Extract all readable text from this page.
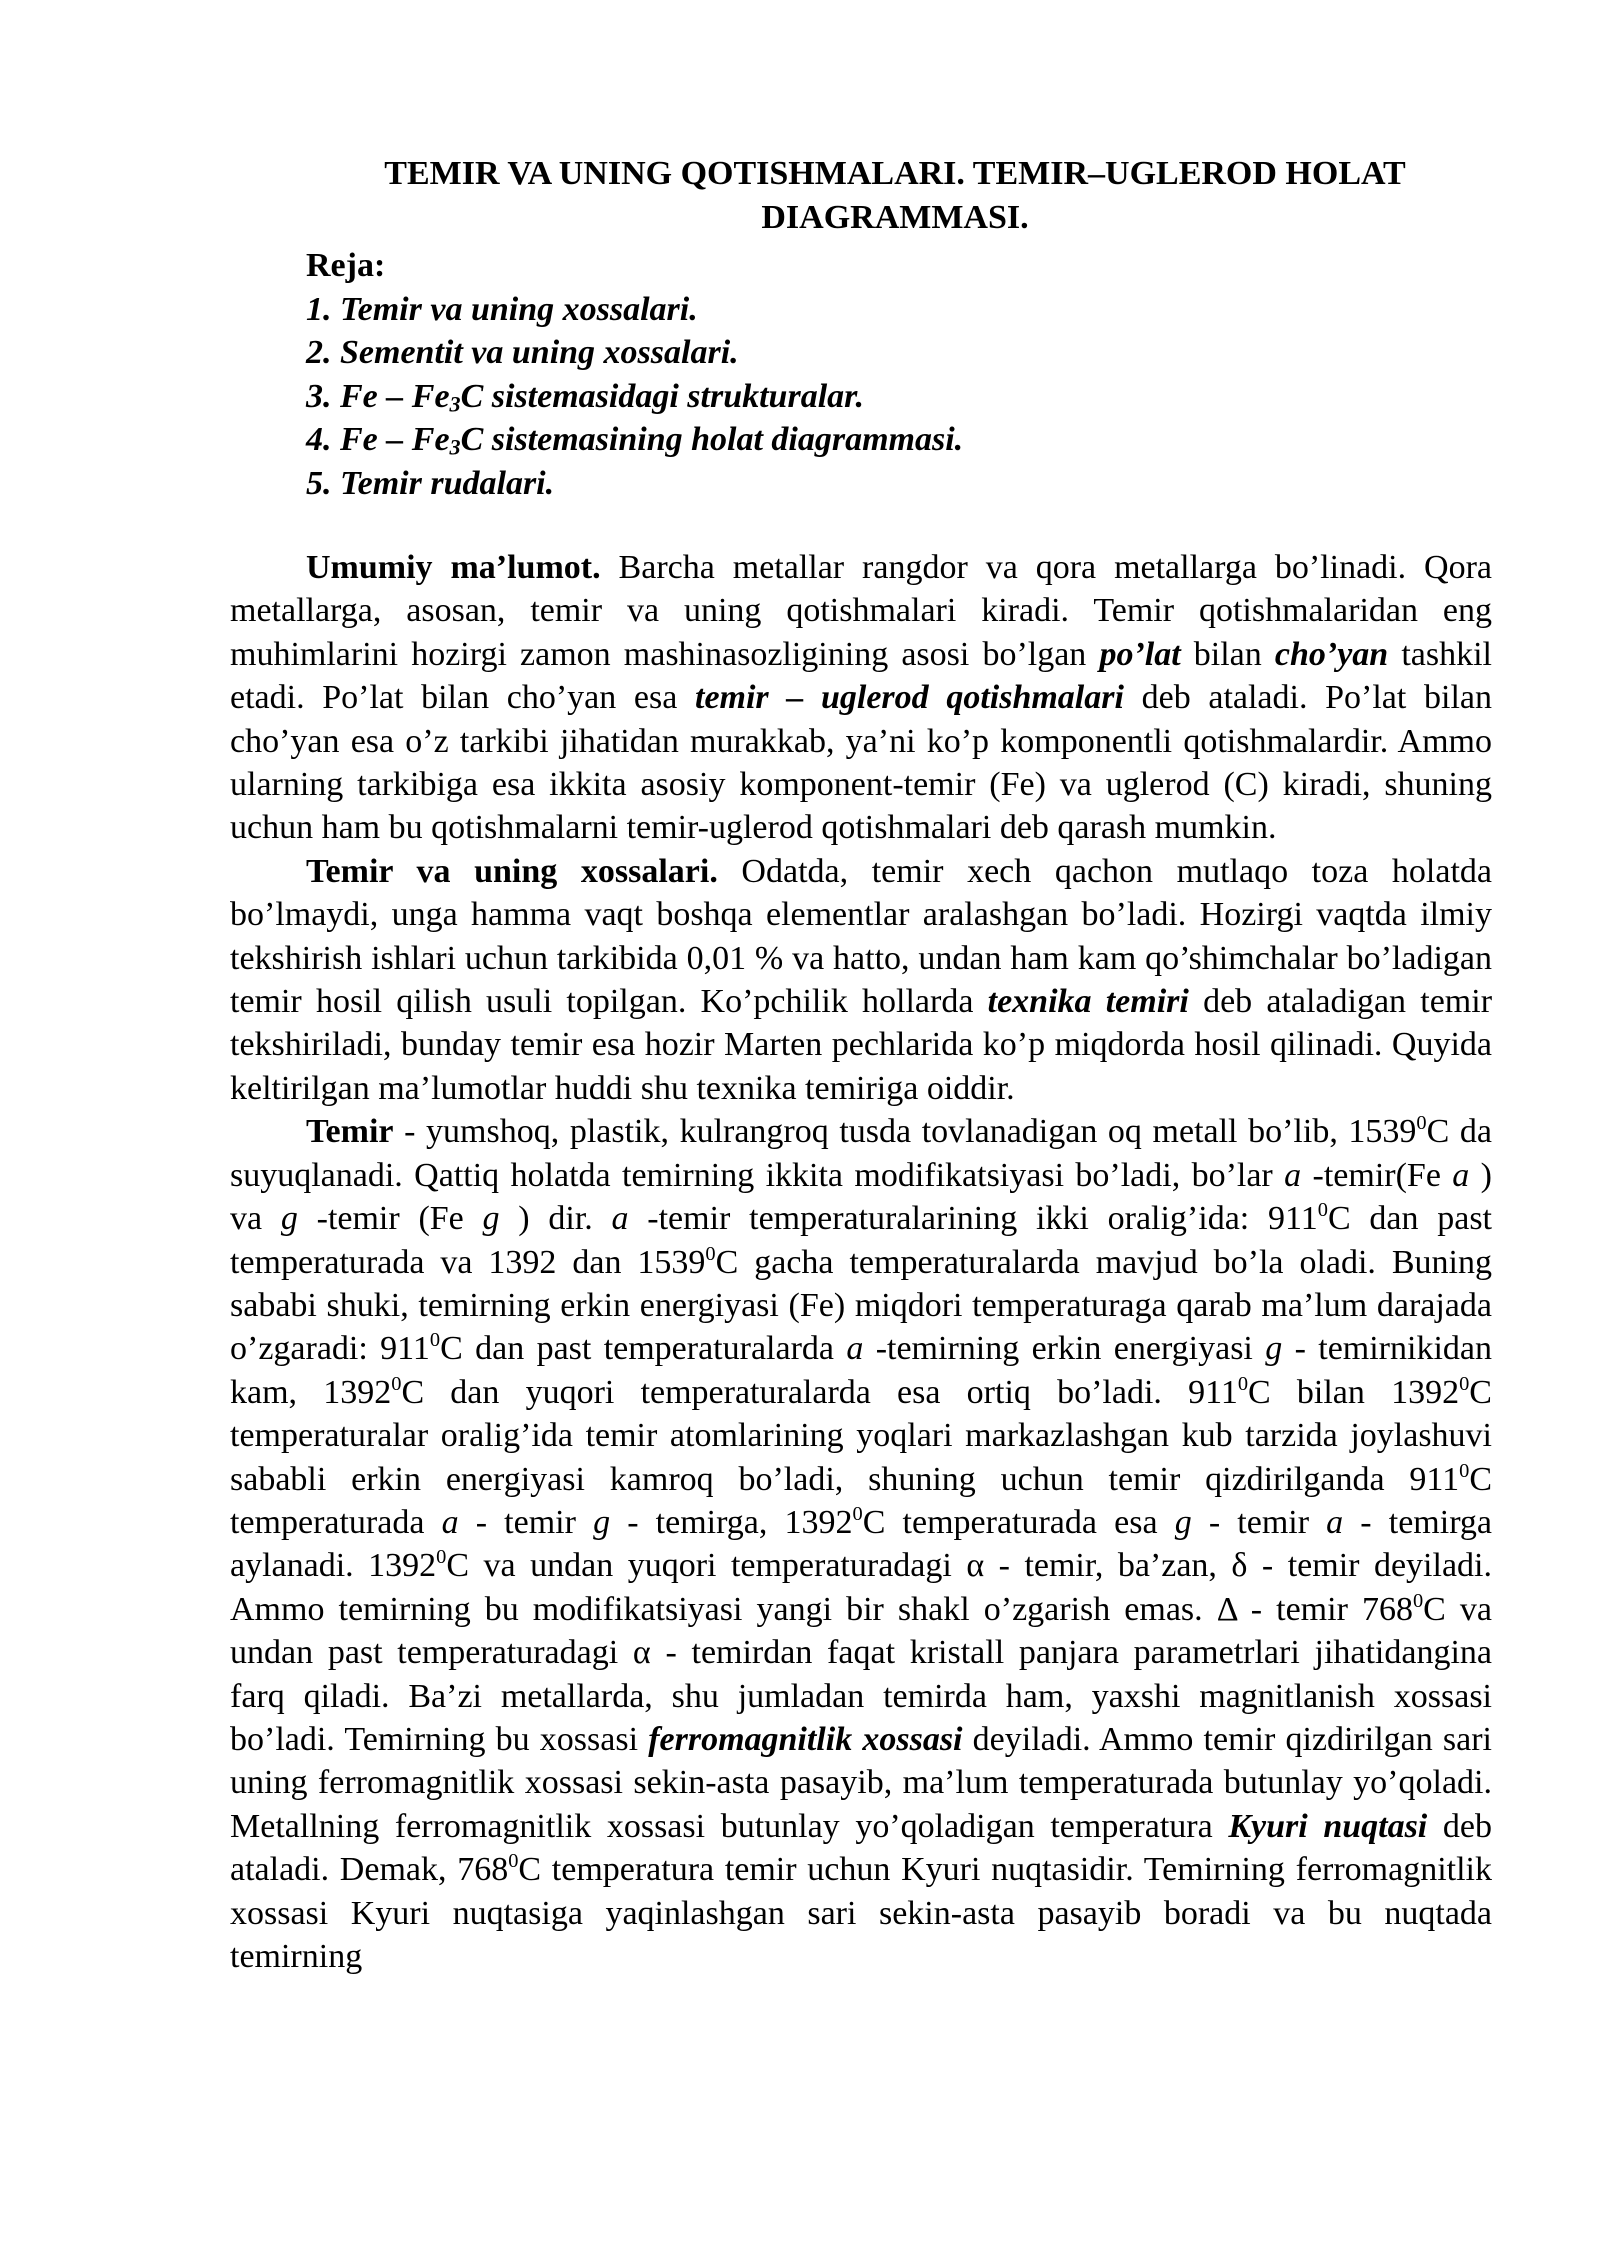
TEMIR VA UNING QOTISHMALARI. TEMIR–UGLEROD HOLAT DIAGRAMMASI.
Reja:
1. Temir va uning xossalari.
2. Sementit va uning xossalari.
3. Fe – Fe3C sistemasidagi strukturalar.
4. Fe – Fe3C sistemasining holat diagrammasi.
5. Temir rudalari.

Umumiy ma’lumot. Barcha metallar rangdor va qora metallarga bo’linadi. Qora metallarga, asosan, temir va uning qotishmalari kiradi. Temir qotishmalaridan eng muhimlarini hozirgi zamon mashinasozligining asosi bo’lgan po’lat bilan cho’yan tashkil etadi. Po’lat bilan cho’yan esa temir – uglerod qotishmalari deb ataladi. Po’lat bilan cho’yan esa o’z tarkibi jihatidan murakkab, ya’ni ko’p komponentli qotishmalardir. Ammo ularning tarkibiga esa ikkita asosiy komponent-temir (Fe) va uglerod (C) kiradi, shuning uchun ham bu qotishmalarni temir-uglerod qotishmalari deb qarash mumkin.

Temir va uning xossalari. Odatda, temir xech qachon mutlaqo toza holatda bo’lmaydi, unga hamma vaqt boshqa elementlar aralashgan bo’ladi. Hozirgi vaqtda ilmiy tekshirish ishlari uchun tarkibida 0,01 % va hatto, undan ham kam qo’shimchalar bo’ladigan temir hosil qilish usuli topilgan. Ko’pchilik hollarda texnika temiri deb ataladigan temir tekshiriladi, bunday temir esa hozir Marten pechlarida ko’p miqdorda hosil qilinadi. Quyida keltirilgan ma’lumotlar huddi shu texnika temiriga oiddir.

Temir - yumshoq, plastik, kulrangroq tusda tovlanadigan oq metall bo’lib, 1539$^0$C da suyuqlanadi. Qattiq holatda temirning ikkita modifikatsiyasi bo’ladi, bo’lar a -temir(Fe a ) va g -temir (Fe g ) dir. a -temir temperaturalarining ikki oralig’ida: $911^0C$ dan past temperaturada va 1392 dan 1539$^0$C gacha temperaturalarda mavjud bo’la oladi. Buning sababi shuki, temirning erkin energiyasi (Fe) miqdori temperaturaga qarab ma’lum darajada o’zgaradi: $911^0C$ dan past temperaturalarda a -temirning erkin energiyasi g - temirnikidan kam, 1392$^0$C dan yuqori temperaturalarda esa ortiq bo’ladi. $911^0C$ bilan 1392$^0$C temperaturalar oralig’ida temir atomlarining yoqlari markazlashgan kub tarzida joylashuvi sababli erkin energiyasi kamroq bo’ladi, shuning uchun temir qizdirilganda $911^0C$ temperaturada a - temir g - temirga, 1392$^0$C temperaturada esa g - temir a - temirga aylanadi. 1392$^0$C va undan yuqori temperaturadagi α - temir, ba’zan, δ - temir deyiladi. Ammo temirning bu modifikatsiyasi yangi bir shakl o’zgarish emas. Δ - temir $768^0C$ va undan past temperaturadagi α - temirdan faqat kristall panjara parametrlari jihatidangina farq qiladi. Ba’zi metallarda, shu jumladan temirda ham, yaxshi magnitlanish xossasi bo’ladi. Temirning bu xossasi ferromagnitlik xossasi deyiladi. Ammo temir qizdirilgan sari uning ferromagnitlik xossasi sekin-asta pasayib, ma’lum temperaturada butunlay yo’qoladi. Metallning ferromagnitlik xossasi butunlay yo’qoladigan temperatura Kyuri nuqtasi deb ataladi. Demak, $768^0C$ temperatura temir uchun Kyuri nuqtasidir. Temirning ferromagnitlik xossasi Kyuri nuqtasiga yaqinlashgan sari sekin-asta pasayib boradi va bu nuqtada temirning
